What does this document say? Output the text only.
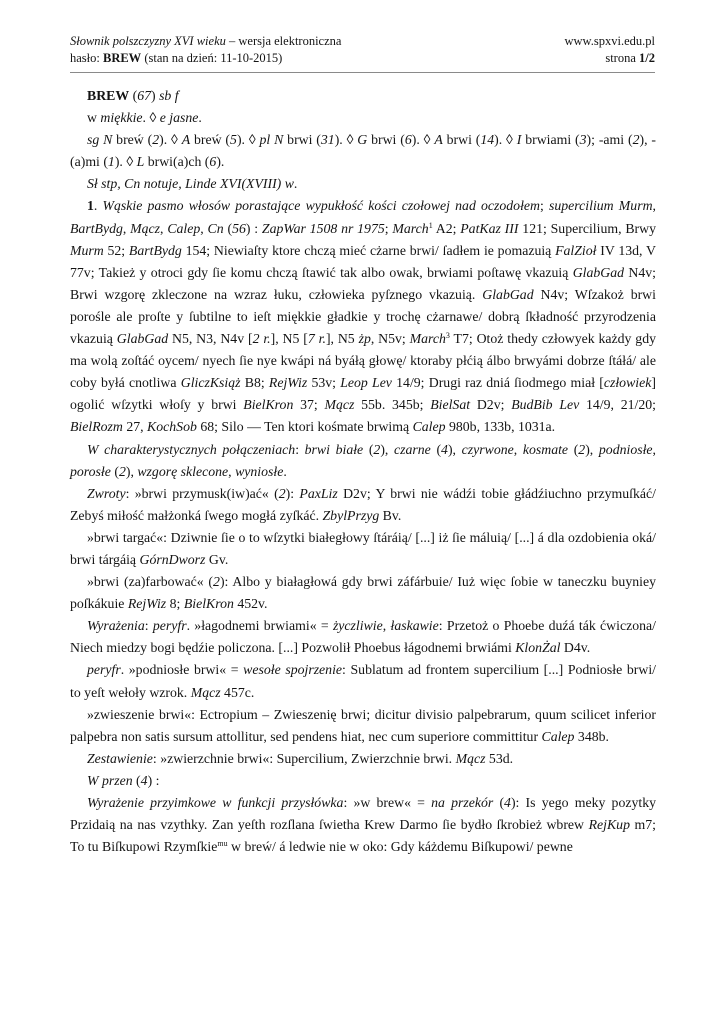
Słownik polszczyzny XVI wieku – wersja elektroniczna	www.spxvi.edu.pl
hasło: BREW (stan na dzień: 11-10-2015)	strona 1/2

BREW (67) sb f

w miękkie. ◊ e jasne.

sg N breẃ (2). ◊ A breẃ (5). ◊ pl N brwi (31). ◊ G brwi (6). ◊ A brwi (14). ◊ I brwiami (3); -ami (2), -(a)mi (1). ◊ L brwi(a)ch (6).

Sł stp, Cn notuje, Linde XVI(XVIII) w.

1. Wąskie pasmo włosów porastające wypukłość kości czołowej nad oczodołem; supercilium Murm, BartBydg, Mącz, Calep, Cn (56) : ZapWar 1508 nr 1975; March$^1$ A2; PatKaz III 121; Supercilium, Brwy Murm 52; BartBydg 154; Niewiaſty ktore chczą mieć cżarne brwi/ ſadłem ie pomazuią FalZioł IV 13d, V 77v; Takież y otroci gdy ſie komu chczą ſtawić tak albo owak, brwiami poſtawę vkazuią GlabGad N4v; Brwi wzgorę zkleczone na wzraz łuku, człowieka pyſznego vkazuią. GlabGad N4v; Wſzakoż brwi porośle ale proſte y ſubtilne to ieſt miękkie gładkie y trochę cżarnawe/ dobrą ſkładność przyrodzenia vkazuią GlabGad N5, N3, N4v [2 r.], N5 [7 r.], N5 żp, N5v; March$^3$ T7; Otoż thedy człowyek każdy gdy ma wolą zoſtáć oycem/ nyech ſie nye kwápi ná byáłą głowę/ ktoraby płćią álbo brwyámi dobrze ſtáłá/ ale coby byłá cnotliwa GliczKsiąż B8; RejWiz 53v; Leop Lev 14/9; Drugi raz dniá ſiodmego miał [człowiek] ogolić wſzytki włoſy y brwi BielKron 37; Mącz 55b. 345b; BielSat D2v; BudBib Lev 14/9, 21/20; BielRozm 27, KochSob 68; Silo — Ten ktori kośmate brwimą Calep 980b, 133b, 1031a.

W charakterystycznych połączeniach: brwi białe (2), czarne (4), czyrwone, kosmate (2), podniosłe, porosłe (2), wzgorę sklecone, wyniosłe.

Zwroty: »brwi przymusk(iw)ać« (2): PaxLiz D2v; Y brwi nie wádźi tobie głádźiuchno przymuſkáć/ Zebyś miłość małżonká ſwego mogłá zyſkáć. ZbylPrzyg Bv.

»brwi targać«: Dziwnie ſie o to wſzytki białegłowy ſtáráią/ [...] iż ſie máluią/ [...] á dla ozdobienia oká/ brwi tárgáią GórnDworz Gv.

»brwi (za)farbować« (2): Albo y białagłowá gdy brwi záfárbuie/ Iuż więc ſobie w taneczku buyniey poſkákuie RejWiz 8; BielKron 452v.

Wyrażenia: peryfr. »łagodnemi brwiami« = życzliwie, łaskawie: Przetoż o Phoebe duźá ták ćwiczona/ Niech miedzy bogi będźie policzona. [...] Pozwolił Phoebus łágodnemi brwiámi KlonŻal D4v.

peryfr. »podniosłe brwi« = wesołe spojrzenie: Sublatum ad frontem supercilium [...] Podniosłe brwi/ to yeſt wełoły wzrok. Mącz 457c.

»zwieszenie brwi«: Ectropium – Zwieszenię brwi; dicitur divisio palpebrarum, quum scilicet inferior palpebra non satis sursum attollitur, sed pendens hiat, nec cum superiore committitur Calep 348b.

Zestawienie: »zwierzchnie brwi«: Supercilium, Zwierzchnie brwi. Mącz 53d.

W przen (4) :

Wyrażenie przyimkowe w funkcji przysłówka: »w brew« = na przekór (4): Is yego meky pozytky Przidaią na nas vzythky. Zan yeſth rozſlana ſwietha Krew Darmo ſie bydło ſkrobież wbrew RejKup m7; To tu Biſkupowi Rzymſkie$^{mu}$ w breẃ/ á ledwie nie w oko: Gdy káżdemu Biſkupowi/ pewne
